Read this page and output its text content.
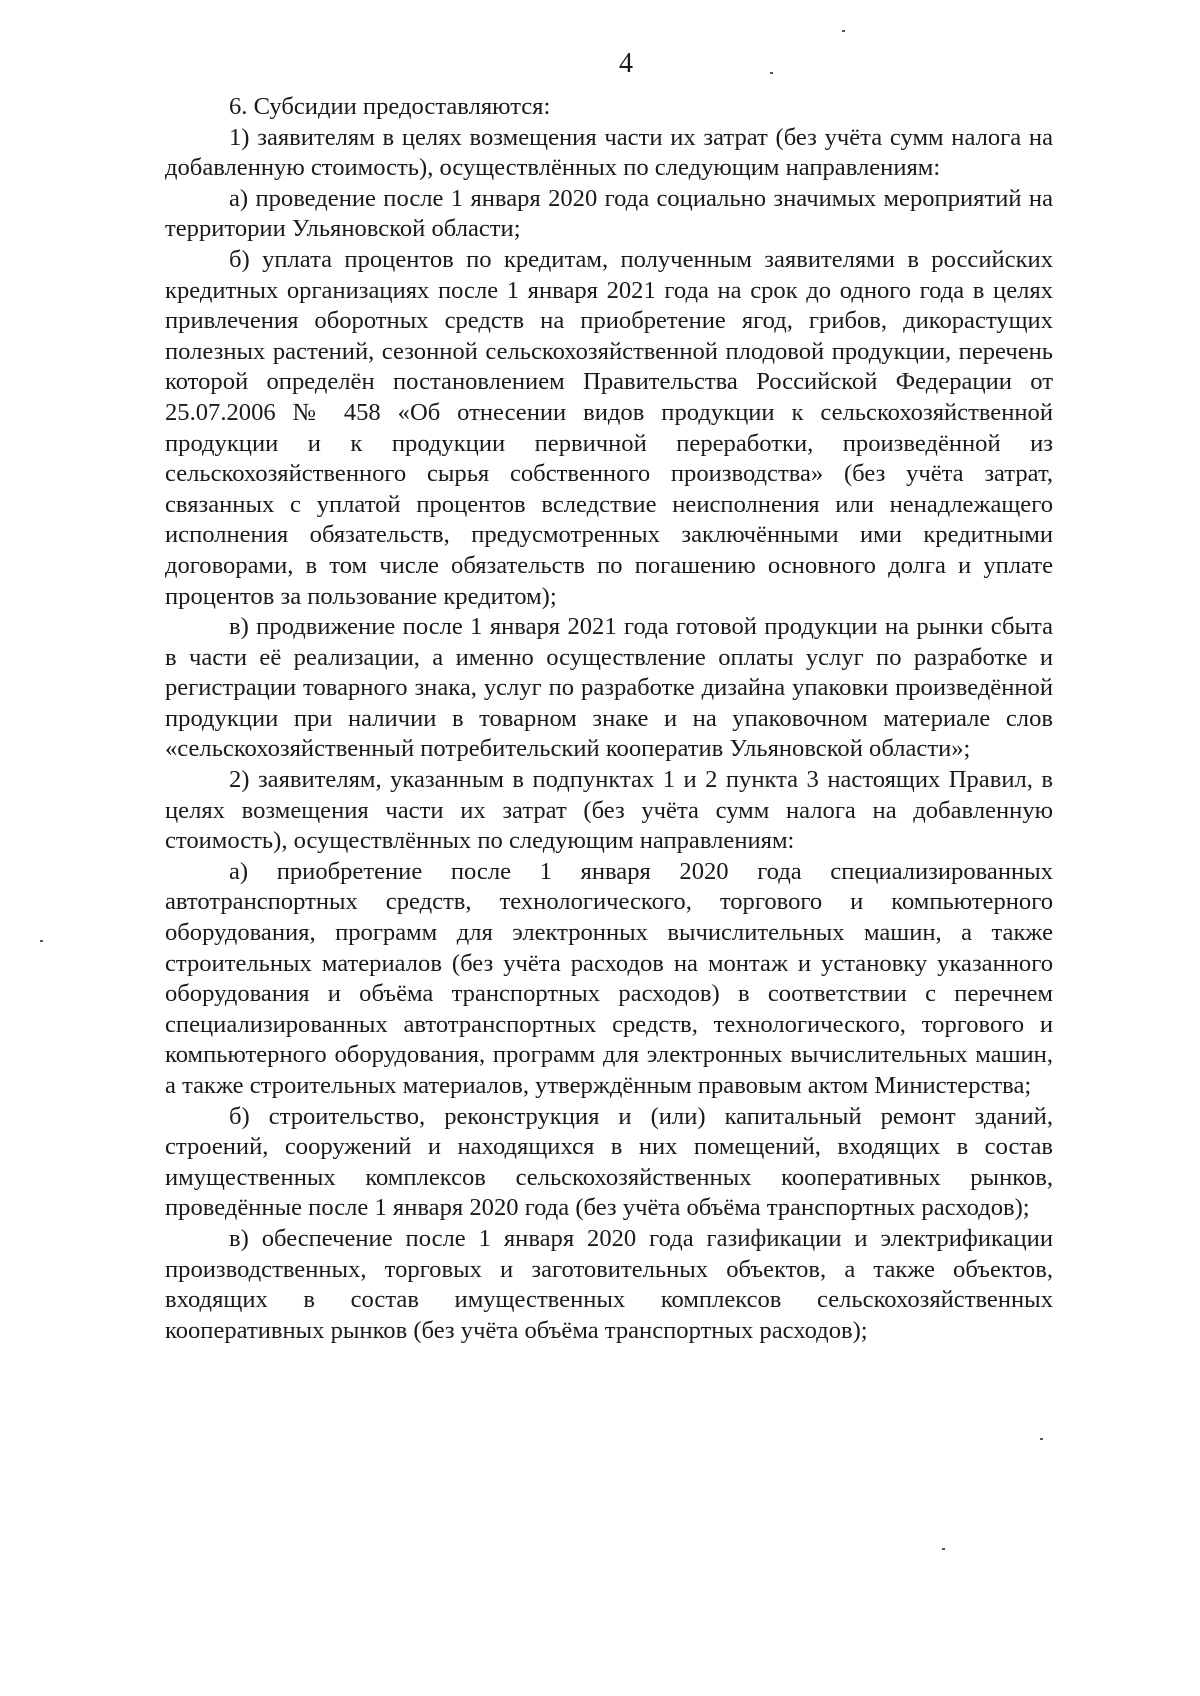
4

6. Субсидии предоставляются:

1) заявителям в целях возмещения части их затрат (без учёта сумм налога на добавленную стоимость), осуществлённых по следующим направлениям:

а) проведение после 1 января 2020 года социально значимых мероприятий на территории Ульяновской области;

б) уплата процентов по кредитам, полученным заявителями в российских кредитных организациях после 1 января 2021 года на срок до одного года в целях привлечения оборотных средств на приобретение ягод, грибов, дикорастущих полезных растений, сезонной сельскохозяйственной плодовой продукции, перечень которой определён постановлением Правительства Российской Федерации от 25.07.2006 № 458 «Об отнесении видов продукции к сельскохозяйственной продукции и к продукции первичной переработки, произведённой из сельскохозяйственного сырья собственного производства» (без учёта затрат, связанных с уплатой процентов вследствие неисполнения или ненадлежащего исполнения обязательств, предусмотренных заключёнными ими кредитными договорами, в том числе обязательств по погашению основного долга и уплате процентов за пользование кредитом);

в) продвижение после 1 января 2021 года готовой продукции на рынки сбыта в части её реализации, а именно осуществление оплаты услуг по разработке и регистрации товарного знака, услуг по разработке дизайна упаковки произведённой продукции при наличии в товарном знаке и на упаковочном материале слов «сельскохозяйственный потребительский кооператив Ульяновской области»;

2) заявителям, указанным в подпунктах 1 и 2 пункта 3 настоящих Правил, в целях возмещения части их затрат (без учёта сумм налога на добавленную стоимость), осуществлённых по следующим направлениям:

а) приобретение после 1 января 2020 года специализированных автотранспортных средств, технологического, торгового и компьютерного оборудования, программ для электронных вычислительных машин, а также строительных материалов (без учёта расходов на монтаж и установку указанного оборудования и объёма транспортных расходов) в соответствии с перечнем специализированных автотранспортных средств, технологического, торгового и компьютерного оборудования, программ для электронных вычислительных машин, а также строительных материалов, утверждённым правовым актом Министерства;

б) строительство, реконструкция и (или) капитальный ремонт зданий, строений, сооружений и находящихся в них помещений, входящих в состав имущественных комплексов сельскохозяйственных кооперативных рынков, проведённые после 1 января 2020 года (без учёта объёма транспортных расходов);

в) обеспечение после 1 января 2020 года газификации и электрификации производственных, торговых и заготовительных объектов, а также объектов, входящих в состав имущественных комплексов сельскохозяйственных кооперативных рынков (без учёта объёма транспортных расходов);
